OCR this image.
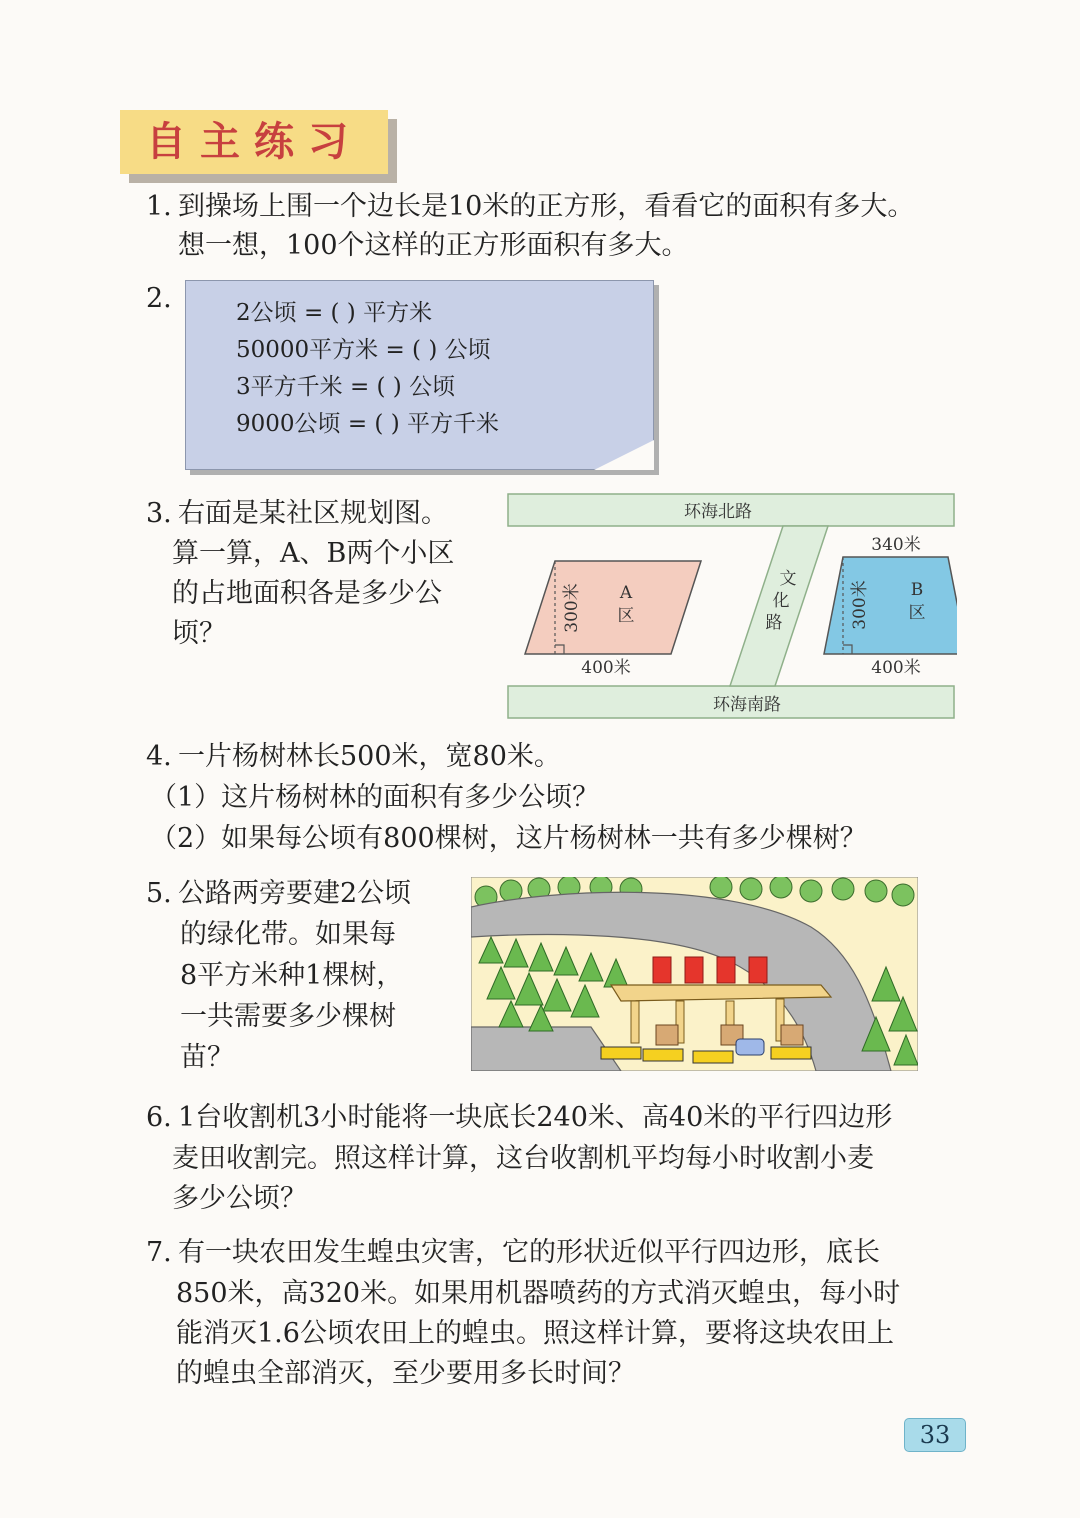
自主练习
1. 到操场上围一个边长是10米的正方形，看看它的面积有多大。
想一想，100个这样的正方形面积有多大。
2.	2公顷 = ( ) 平方米
50000平方米 = ( ) 公顷
3平方千米 = ( ) 公顷
9000公顷 = ( ) 平方千米
3. 右面是某社区规划图。
算一算，A、B两个小区
的占地面积各是多少公
顷？
环海北路
环海南路
文
化
路
300米 A
区
400米
340米
300米 B
区
400米
4. 一片杨树林长500米，宽80米。
（1）这片杨树林的面积有多少公顷？
（2）如果每公顷有800棵树，这片杨树林一共有多少棵树？
5. 公路两旁要建2公顷
的绿化带。如果每
8平方米种1棵树，
一共需要多少棵树
苗？
6. 1台收割机3小时能将一块底长240米、高40米的平行四边形
麦田收割完。照这样计算，这台收割机平均每小时收割小麦
多少公顷？
7. 有一块农田发生蝗虫灾害，它的形状近似平行四边形，底长
850米，高320米。如果用机器喷药的方式消灭蝗虫，每小时
能消灭1.6公顷农田上的蝗虫。照这样计算，要将这块农田上
的蝗虫全部消灭，至少要用多长时间？
33
